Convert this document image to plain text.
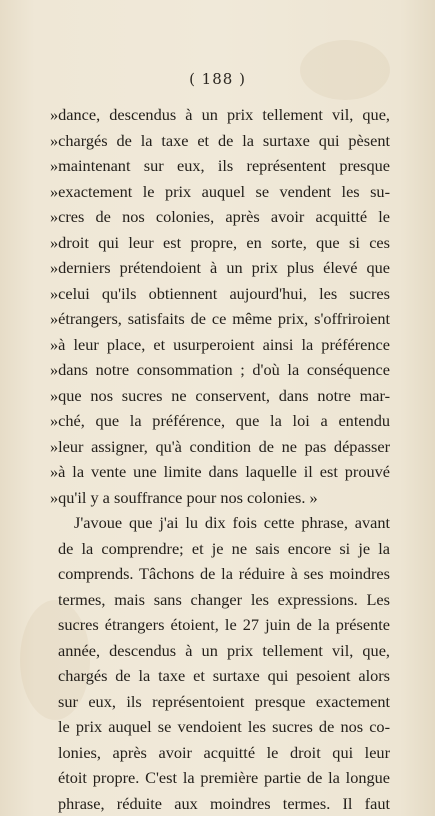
( 188 )
»dance, descendus à un prix tellement vil, que,
»chargés de la taxe et de la surtaxe qui pèsent
»maintenant sur eux, ils représentent presque
»exactement le prix auquel se vendent les su-
»cres de nos colonies, après avoir acquitté le
»droit qui leur est propre, en sorte, que si ces
»derniers prétendoient à un prix plus élevé que
»celui qu'ils obtiennent aujourd'hui, les sucres
»étrangers, satisfaits de ce même prix, s'offriroient
»à leur place, et usurperoient ainsi la préférence
»dans notre consommation ; d'où la conséquence
»que nos sucres ne conservent, dans notre mar-
»ché, que la préférence, que la loi a entendu
»leur assigner, qu'à condition de ne pas dépasser
»à la vente une limite dans laquelle il est prouvé
»qu'il y a souffrance pour nos colonies. »
J'avoue que j'ai lu dix fois cette phrase, avant
de la comprendre; et je ne sais encore si je la
comprends. Tâchons de la réduire à ses moindres
termes, mais sans changer les expressions. Les
sucres étrangers étoient, le 27 juin de la présente
année, descendus à un prix tellement vil, que,
chargés de la taxe et surtaxe qui pesoient alors
sur eux, ils représentoient presque exactement
le prix auquel se vendoient les sucres de nos co-
lonies, après avoir acquitté le droit qui leur
étoit propre. C'est la première partie de la longue
phrase, réduite aux moindres termes. Il faut
